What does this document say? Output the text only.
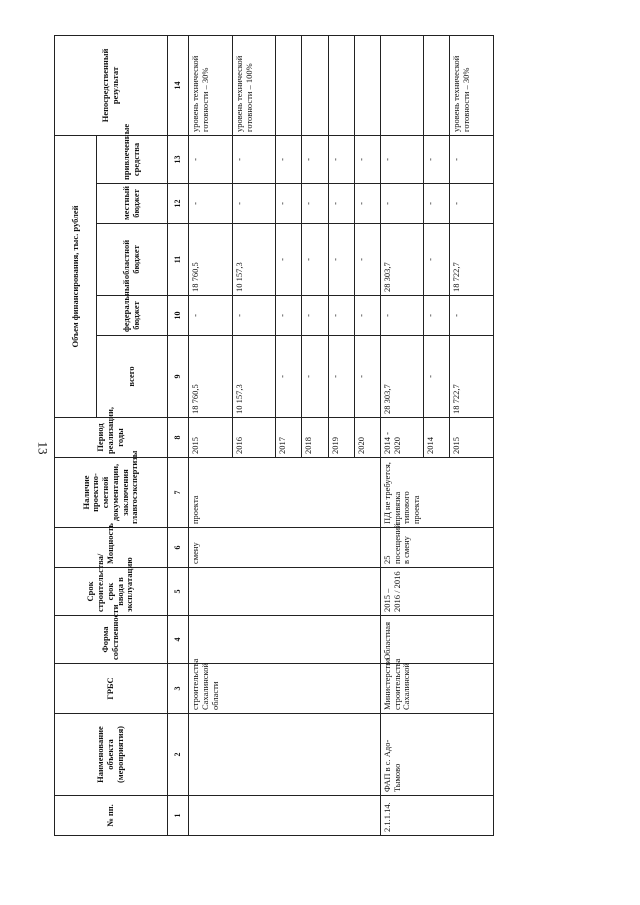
13
№ пп.	Наименование объекта (мероприятия)	ГРБС	Форма собственности	Срок строительства/срок ввода в эксплуатацию	Мощность	Наличие проектно-сметной документации, заключения главгосэкспертизы	Период реализации, годы	Объем финансирования, тыс. рублей					Непосредственный результат
								всего	федеральный бюджет	областной бюджет	местный бюджет	привлеченные средства	
1	2	3	4	5	6	7	8	9	10	11	12	13	14
		строительства Сахалинской области			смену	проекта	2015	18 760,5	-	18 760,5	-	-	уровень технической готовности – 30%
							2016	10 157,3	-	10 157,3	-	-	уровень технической готовности – 100%
							2017	-	-	-	-	-	
							2018	-	-	-	-	-	
							2019	-	-	-	-	-	
							2020	-	-	-	-	-	
2.1.1.14.	ФАП в с. Адо-Тымово	Министерство строительства Сахалинской	Областная	2015 – 2016 / 2016	25 посещений в смену	ПД не требуется, привязка типового проекта	2014 - 2020	28 303,7	-	28 303,7	-	-	
							2014	-	-	-	-	-	
							2015	18 722,7	-	18 722,7	-	-	уровень технической готовности – 30%
